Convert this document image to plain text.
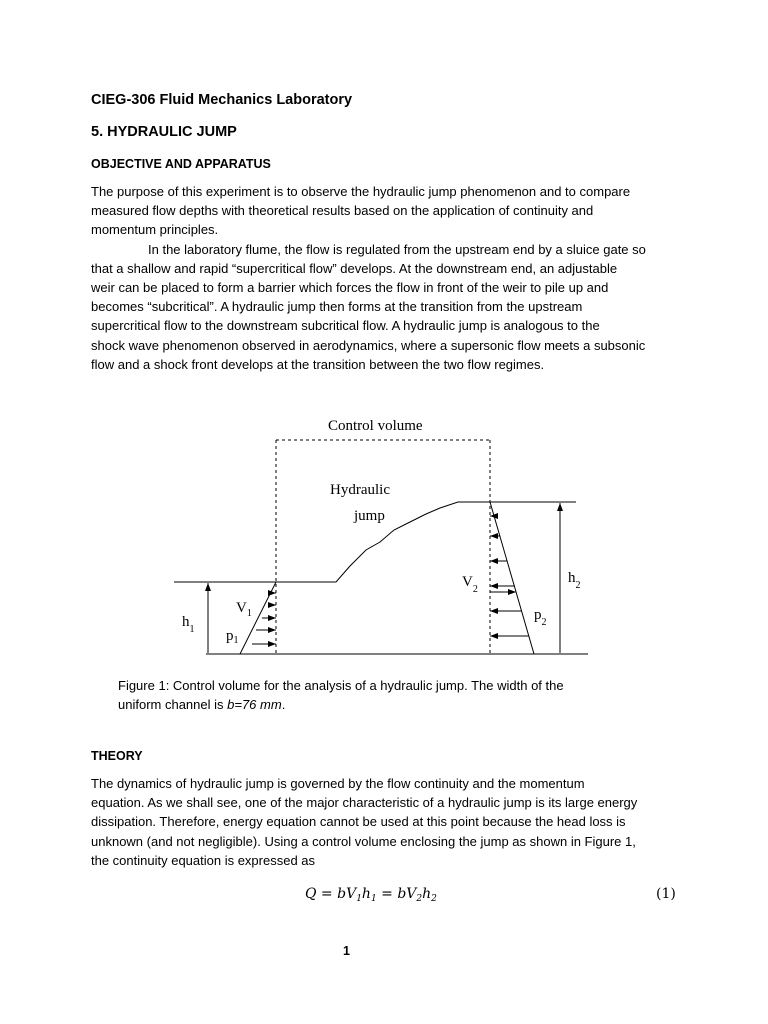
CIEG-306 Fluid Mechanics Laboratory
5. HYDRAULIC JUMP
OBJECTIVE AND APPARATUS
The purpose of this experiment is to observe the hydraulic jump phenomenon and to compare
measured flow depths with theoretical results based on the application of continuity and
momentum principles.
In the laboratory flume, the flow is regulated from the upstream end by a sluice gate so
that a shallow and rapid “supercritical flow” develops. At the downstream end, an adjustable
weir can be placed to form a barrier which forces the flow in front of the weir to pile up and
becomes “subcritical”. A hydraulic jump then forms at the transition from the upstream
supercritical flow to the downstream subcritical flow. A hydraulic jump is analogous to the
shock wave phenomenon observed in aerodynamics, where a supersonic flow meets a subsonic
flow and a shock front develops at the transition between the two flow regimes.
Control volume
Hydraulic
jump
$V_1$
$p_1$
$h_1$
$V_2$
$p_2$
$h_2$
Figure 1: Control volume for the analysis of a hydraulic jump. The width of the
uniform channel is b=76 mm.
THEORY
The dynamics of hydraulic jump is governed by the flow continuity and the momentum
equation. As we shall see, one of the major characteristic of a hydraulic jump is its large energy
dissipation. Therefore, energy equation cannot be used at this point because the head loss is
unknown (and not negligible). Using a control volume enclosing the jump as shown in Figure 1,
the continuity equation is expressed as
$Q = bV_1h_1 = bV_2h_2$	(1)
1
